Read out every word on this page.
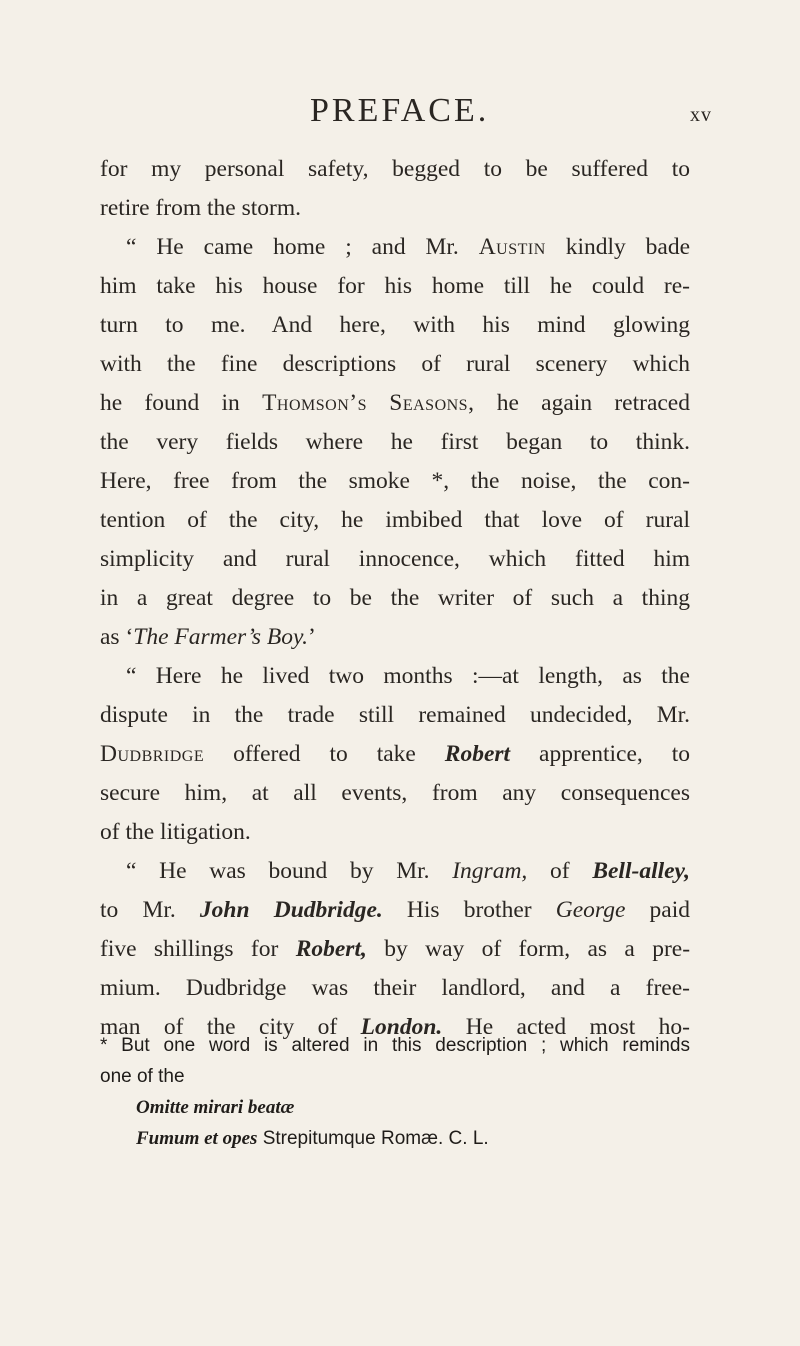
PREFACE.	xv
for my personal safety, begged to be suffered to
retire from the storm.
“ He came home ; and Mr. Austin kindly bade
him take his house for his home till he could re-
turn to me. And here, with his mind glowing
with the fine descriptions of rural scenery which
he found in Thomson’s Seasons, he again retraced
the very fields where he first began to think.
Here, free from the smoke *, the noise, the con-
tention of the city, he imbibed that love of rural
simplicity and rural innocence, which fitted him
in a great degree to be the writer of such a thing
as ‘The Farmer’s Boy.’
“ Here he lived two months :—at length, as the
dispute in the trade still remained undecided, Mr.
Dudbridge offered to take Robert apprentice, to
secure him, at all events, from any consequences
of the litigation.
“ He was bound by Mr. Ingram, of Bell-alley,
to Mr. John Dudbridge. His brother George paid
five shillings for Robert, by way of form, as a pre-
mium. Dudbridge was their landlord, and a free-
man of the city of London. He acted most ho-
* But one word is altered in this description ; which reminds
one of the
Omitte mirari beatæ
Fumum et opes Strepitumque Romæ. C. L.
